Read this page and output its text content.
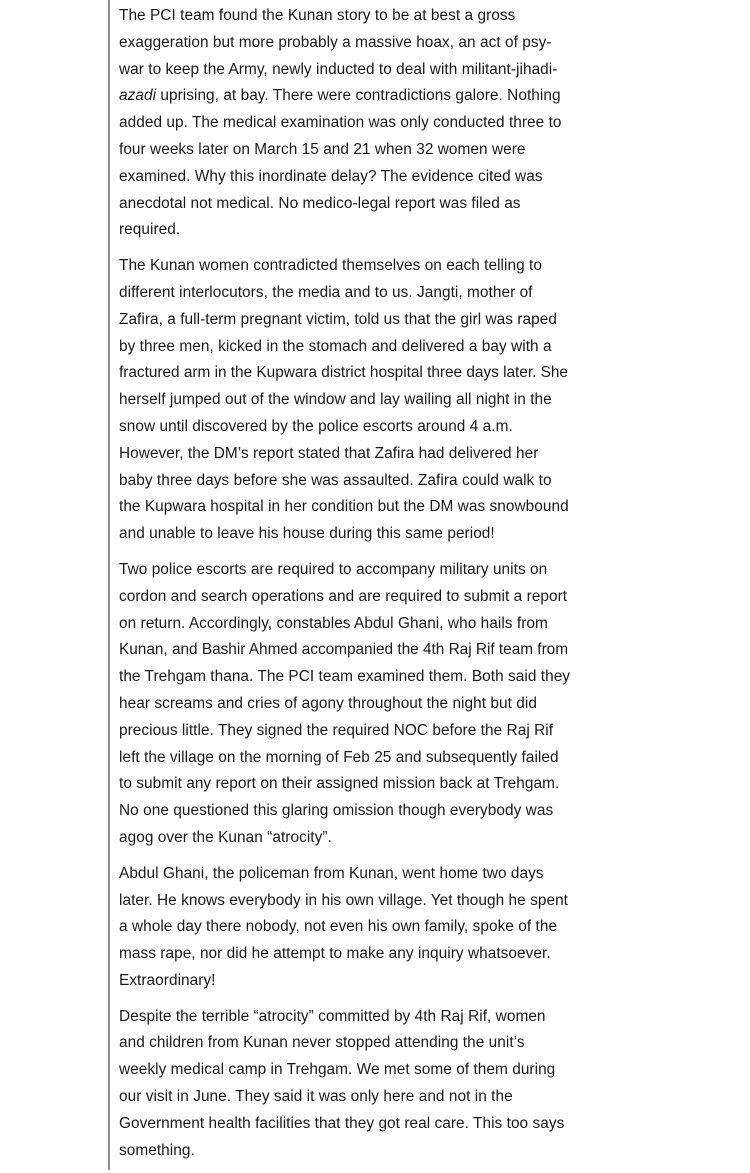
The PCI team found the Kunan story to be at best a gross
exaggeration but more probably a massive hoax, an act of psy-
war to keep the Army, newly inducted to deal with militant-jihadi-
azadi uprising, at bay. There were contradictions galore. Nothing
added up. The medical examination was only conducted three to
four weeks later on March 15 and 21 when 32 women were
examined. Why this inordinate delay? The evidence cited was
anecdotal not medical. No medico-legal report was filed as
required.

The Kunan women contradicted themselves on each telling to
different interlocutors, the media and to us. Jangti, mother of
Zafira, a full-term pregnant victim, told us that the girl was raped
by three men, kicked in the stomach and delivered a bay with a
fractured arm in the Kupwara district hospital three days later. She
herself jumped out of the window and lay wailing all night in the
snow until discovered by the police escorts around 4 a.m.
However, the DM’s report stated that Zafira had delivered her
baby three days before she was assaulted. Zafira could walk to
the Kupwara hospital in her condition but the DM was snowbound
and unable to leave his house during this same period!

Two police escorts are required to accompany military units on
cordon and search operations and are required to submit a report
on return. Accordingly, constables Abdul Ghani, who hails from
Kunan, and Bashir Ahmed accompanied the 4th Raj Rif team from
the Trehgam thana. The PCI team examined them. Both said they
hear screams and cries of agony throughout the night but did
precious little. They signed the required NOC before the Raj Rif
left the village on the morning of Feb 25 and subsequently failed
to submit any report on their assigned mission back at Trehgam.
No one questioned this glaring omission though everybody was
agog over the Kunan “atrocity”.

Abdul Ghani, the policeman from Kunan, went home two days
later. He knows everybody in his own village. Yet though he spent
a whole day there nobody, not even his own family, spoke of the
mass rape, nor did he attempt to make any inquiry whatsoever.
Extraordinary!

Despite the terrible “atrocity” committed by 4th Raj Rif, women
and children from Kunan never stopped attending the unit’s
weekly medical camp in Trehgam. We met some of them during
our visit in June. They said it was only here and not in the
Government health facilities that they got real care. This too says
something.
